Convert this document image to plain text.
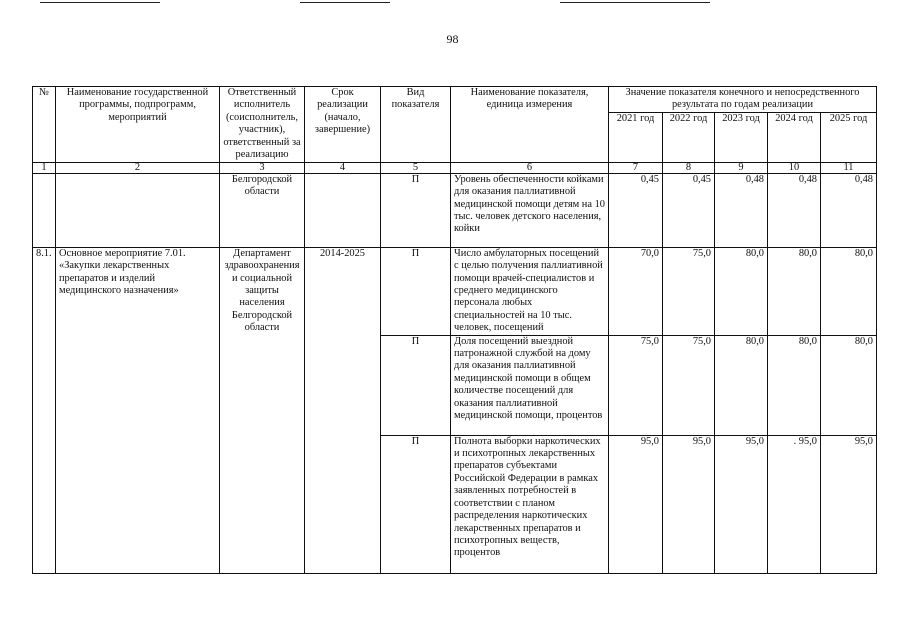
98
№	Наименование государственной программы, подпрограмм, мероприятий	Ответственный исполнитель (соисполнитель, участник), ответственный за реализацию	Срок реализации (начало, завершение)	Вид показателя	Наименование показателя, единица измерения	Значение показателя конечного и непосредственного результата по годам реализации				
						2021 год	2022 год	2023 год	2024 год	2025 год
1	2	3	4	5	6	7	8	9	10	11
		Белгородской области		П	Уровень обеспеченности койками для оказания паллиативной медицинской помощи детям на 10 тыс. человек детского населения, койки	0,45	0,45	0,48	0,48	0,48
8.1.	Основное мероприятие 7.01. «Закупки лекарственных препаратов и изделий медицинского назначения»	Департамент здравоохранения и социальной защиты населения Белгородской области	2014-2025	П	Число амбулаторных посещений с целью получения паллиативной помощи врачей-специалистов и среднего медицинского персонала любых специальностей на 10 тыс. человек, посещений	70,0	75,0	80,0	80,0	80,0
				П	Доля посещений выездной патронажной службой на дому для оказания паллиативной медицинской помощи в общем количестве посещений для оказания паллиативной медицинской помощи, процентов	75,0	75,0	80,0	80,0	80,0
				П	Полнота выборки наркотических и психотропных лекарственных препаратов субъектами Российской Федерации в рамках заявленных потребностей в соответствии с планом распределения наркотических лекарственных препаратов и психотропных веществ, процентов	95,0	95,0	95,0	. 95,0	95,0
